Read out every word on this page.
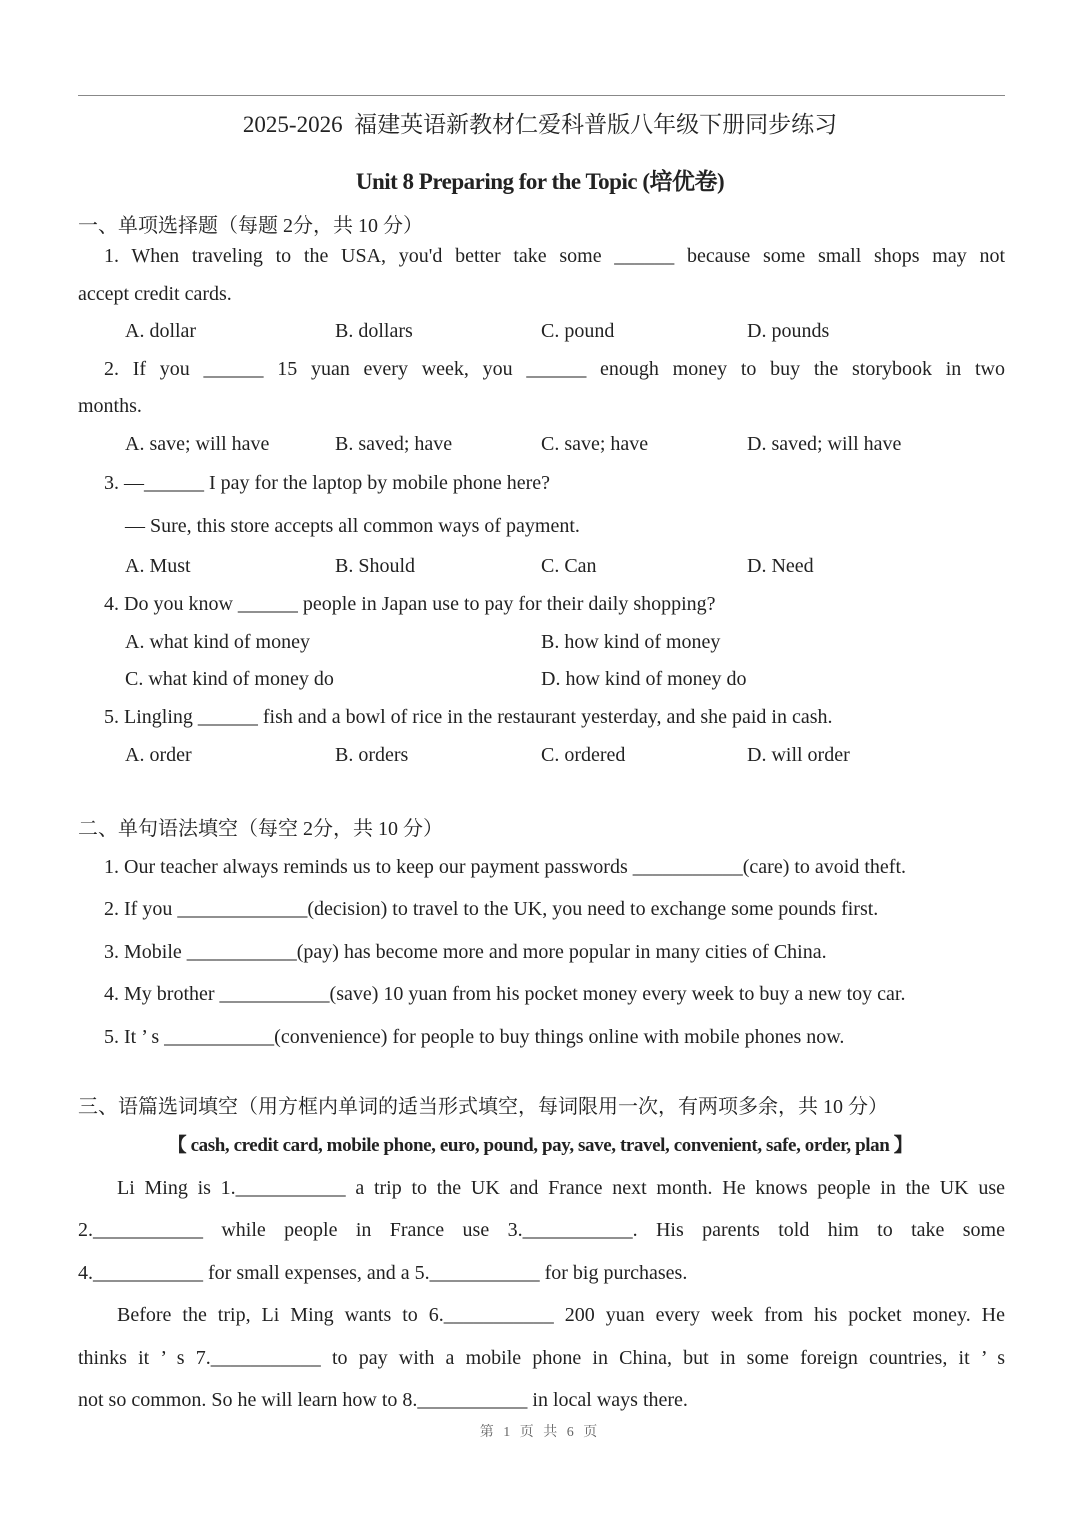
2025-2026  福建英语新教材仁爱科普版八年级下册同步练习
Unit 8 Preparing for the Topic (培优卷)
一、单项选择题（每题 2分，共 10 分）
1. When traveling to the USA, you'd better take some ______ because some small shops may not
accept credit cards.
A. dollar	B. dollars	C. pound	D. pounds
2. If you ______ 15 yuan every week, you ______ enough money to buy the storybook in two
months.
A. save; will have	B. saved; have	C. save; have	D. saved; will have
3. —______ I pay for the laptop by mobile phone here?
— Sure, this store accepts all common ways of payment.
A. Must	B. Should	C. Can	D. Need
4. Do you know ______ people in Japan use to pay for their daily shopping?
A. what kind of money	B. how kind of money
C. what kind of money do	D. how kind of money do
5. Lingling ______ fish and a bowl of rice in the restaurant yesterday, and she paid in cash.
A. order	B. orders	C. ordered	D. will order
二、单句语法填空（每空 2分，共 10 分）
1. Our teacher always reminds us to keep our payment passwords ___________(care) to avoid theft.
2. If you _____________(decision) to travel to the UK, you need to exchange some pounds first.
3. Mobile ___________(pay) has become more and more popular in many cities of China.
4. My brother ___________(save) 10 yuan from his pocket money every week to buy a new toy car.
5. It ’ s ___________(convenience) for people to buy things online with mobile phones now.
三、语篇选词填空（用方框内单词的适当形式填空，每词限用一次，有两项多余，共 10 分）
【 cash, credit card, mobile phone, euro, pound, pay, save, travel, convenient, safe, order, plan 】
Li Ming is 1.___________ a trip to the UK and France next month. He knows people in the UK use
2.___________ while people in France use 3.___________. His parents told him to take some
4.___________ for small expenses, and a 5.___________ for big purchases.
Before the trip, Li Ming wants to 6.___________ 200 yuan every week from his pocket money. He
thinks it ’ s 7.___________ to pay with a mobile phone in China, but in some foreign countries, it ’ s
not so common. So he will learn how to 8.___________ in local ways there.
第 1 页 共 6 页
